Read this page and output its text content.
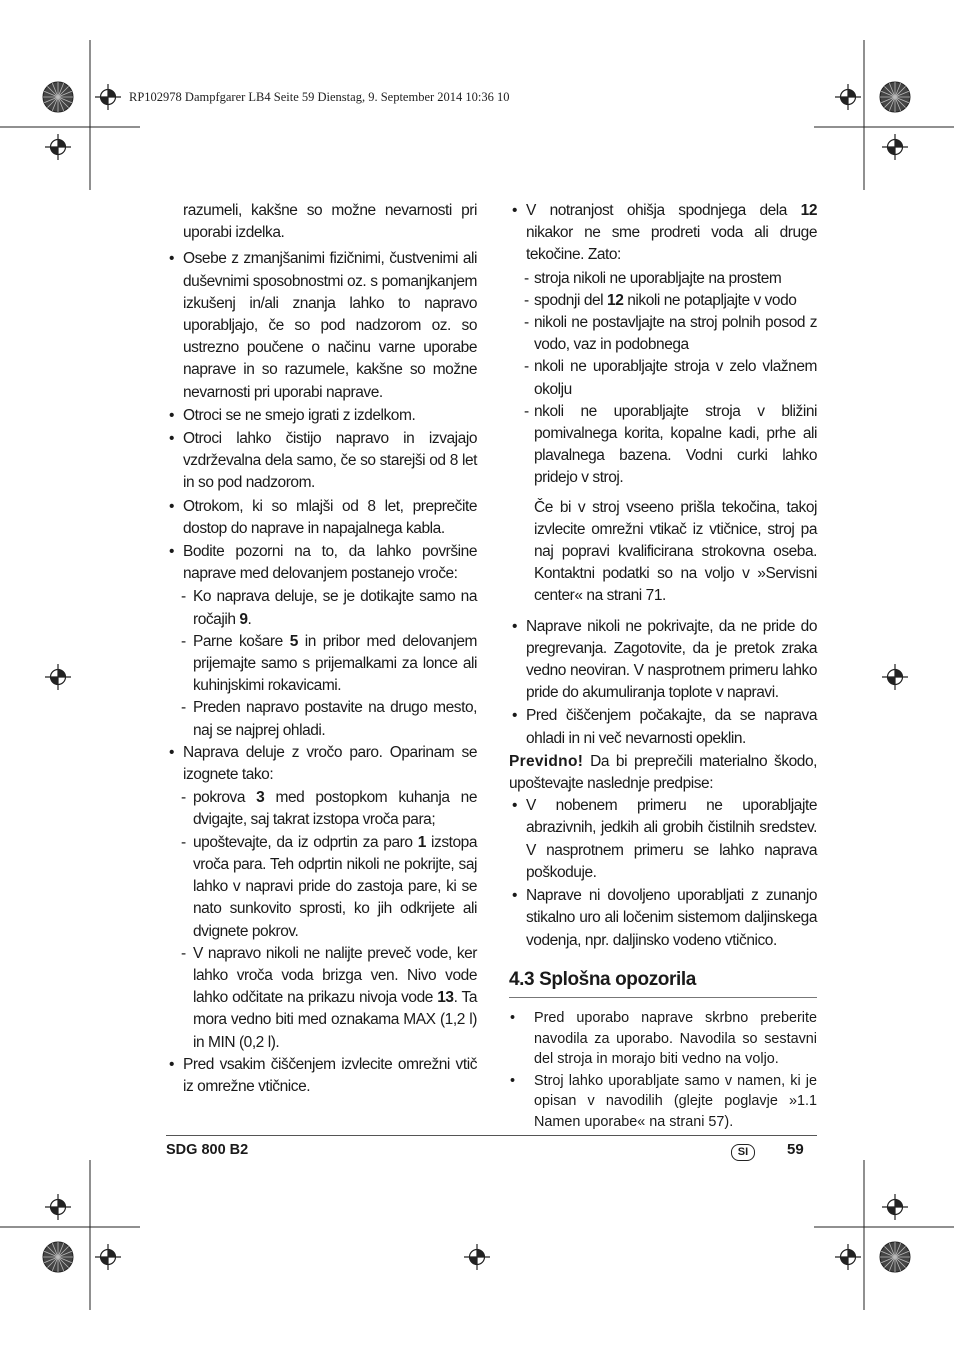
RP102978 Dampfgarer LB4 Seite 59 Dienstag, 9. September 2014 10:36 10

razumeli, kakšne so možne nevarnosti pri uporabi izdelka.

• Osebe z zmanjšanimi fizičnimi, čustvenimi ali duševnimi sposobnostmi oz. s pomanjkanjem izkušenj in/ali znanja lahko to napravo uporabljajo, če so pod nadzorom oz. so ustrezno poučene o načinu varne uporabe naprave in so razumele, kakšne so možne nevarnosti pri uporabi naprave.
• Otroci se ne smejo igrati z izdelkom.
• Otroci lahko čistijo napravo in izvajajo vzdrževalna dela samo, če so starejši od 8 let in so pod nadzorom.
• Otrokom, ki so mlajši od 8 let, preprečite dostop do naprave in napajalnega kabla.
• Bodite pozorni na to, da lahko površine naprave med delovanjem postanejo vroče:
- Ko naprava deluje, se je dotikajte samo na ročajih 9.
- Parne košare 5 in pribor med delovanjem prijemajte samo s prijemalkami za lonce ali kuhinjskimi rokavicami.
- Preden napravo postavite na drugo mesto, naj se najprej ohladi.
• Naprava deluje z vročo paro. Oparinam se izognete tako:
- pokrova 3 med postopkom kuhanja ne dvigajte, saj takrat izstopa vroča para;
- upoštevajte, da iz odprtin za paro 1 izstopa vroča para. Teh odprtin nikoli ne pokrijte, saj lahko v napravi pride do zastoja pare, ki se nato sunkovito sprosti, ko jih odkrijete ali dvignete pokrov.
- V napravo nikoli ne nalijte preveč vode, ker lahko vroča voda brizga ven. Nivo vode lahko odčitate na prikazu nivoja vode 13. Ta mora vedno biti med oznakama MAX (1,2 l) in MIN (0,2 l).
• Pred vsakim čiščenjem izvlecite omrežni vtič iz omrežne vtičnice.
• V notranjost ohišja spodnjega dela 12 nikakor ne sme prodreti voda ali druge tekočine. Zato:
- stroja nikoli ne uporabljajte na prostem
- spodnji del 12 nikoli ne potapljajte v vodo
- nikoli ne postavljajte na stroj polnih posod z vodo, vaz in podobnega
- nkoli ne uporabljajte stroja v zelo vlažnem okolju
- nkoli ne uporabljajte stroja v bližini pomivalnega korita, kopalne kadi, prhe ali plavalnega bazena. Vodni curki lahko pridejo v stroj.

Če bi v stroj vseeno prišla tekočina, takoj izvlecite omrežni vtikač iz vtičnice, stroj pa naj popravi kvalificirana strokovna oseba. Kontaktni podatki so na voljo v »Servisni center« na strani 71.

• Naprave nikoli ne pokrivajte, da ne pride do pregrevanja. Zagotovite, da je pretok zraka vedno neoviran. V nasprotnem primeru lahko pride do akumuliranja toplote v napravi.
• Pred čiščenjem počakajte, da se naprava ohladi in ni več nevarnosti opeklin.

Previdno! Da bi preprečili materialno škodo, upoštevajte naslednje predpise:

• V nobenem primeru ne uporabljajte abrazivnih, jedkih ali grobih čistilnih sredstev. V nasprotnem primeru se lahko naprava poškoduje.
• Naprave ni dovoljeno uporabljati z zunanjo stikalno uro ali ločenim sistemom daljinskega vodenja, npr. daljinsko vodeno vtičnico.
4.3 Splošna opozorila
• Pred uporabo naprave skrbno preberite navodila za uporabo. Navodila so sestavni del stroja in morajo biti vedno na voljo.
• Stroj lahko uporabljate samo v namen, ki je opisan v navodilih (glejte poglavje »1.1 Namen uporabe« na strani 57).
SDG 800 B2	SI	59
